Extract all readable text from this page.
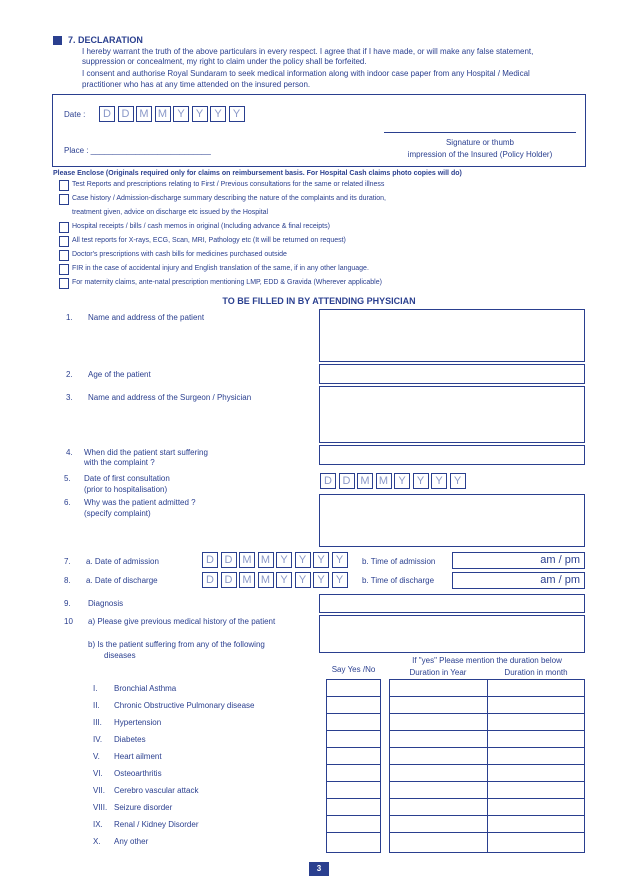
7. DECLARATION
I hereby warrant the truth of the above particulars in every respect. I agree that if I have made, or will make any false statement,
suppression or concealment, my right to claim under the policy shall be forfeited.
I consent and authorise Royal Sundaram to seek medical information along with indoor case paper from any Hospital / Medical
practitioner who has at any time attended on the insured person.
Date :	D D M M Y	Y	Y	Y
Place : ___________________________
Signature or thumb
impression of the Insured (Policy Holder)
Please Enclose (Originals required only for claims on reimbursement basis. For Hospital Cash claims photo copies will do)
Test Reports and prescriptions relating to First / Previous consultations for the same or related illness
Case history / Admission-discharge summary describing the nature of the complaints and its duration,
treatment given, advice on discharge etc issued by the Hospital
Hospital receipts / bills / cash memos in original (Including advance & final receipts)
All test reports for X-rays, ECG, Scan, MRI, Pathology etc (It will be returned on request)
Doctor's prescriptions with cash bills for medicines purchased outside
FIR in the case of accidental injury and English translation of the same, if in any other language.
For maternity claims, ante-natal prescription mentioning LMP, EDD & Gravida (Wherever applicable)
TO BE FILLED IN BY ATTENDING PHYSICIAN
1. Name and address of the patient
2. Age of the patient
3. Name and address of the Surgeon / Physician
4. When did the patient start suffering
with the complaint ?
5. Date of first consultation
(prior to hospitalisation)
D D M M Y	Y	Y	Y
6. Why was the patient admitted ?
(specify complaint)
7. a. Date of admission	D D M M Y	Y	Y	Y	b. Time of admission	am / pm
8. a. Date of discharge	D D M M Y	Y	Y	Y	b. Time of discharge	am / pm
9. Diagnosis
10 a) Please give previous medical history of the patient
b) Is the patient suffering from any of the following
diseases
Say Yes /No
If "yes" Please mention the duration below
Duration in Year	Duration in month
I. Bronchial Asthma
II. Chronic Obstructive Pulmonary disease
III. Hypertension
IV. Diabetes
V. Heart ailment
VI. Osteoarthritis
VII. Cerebro vascular attack
VIII. Seizure disorder
IX. Renal / Kidney Disorder
X. Any other
3
